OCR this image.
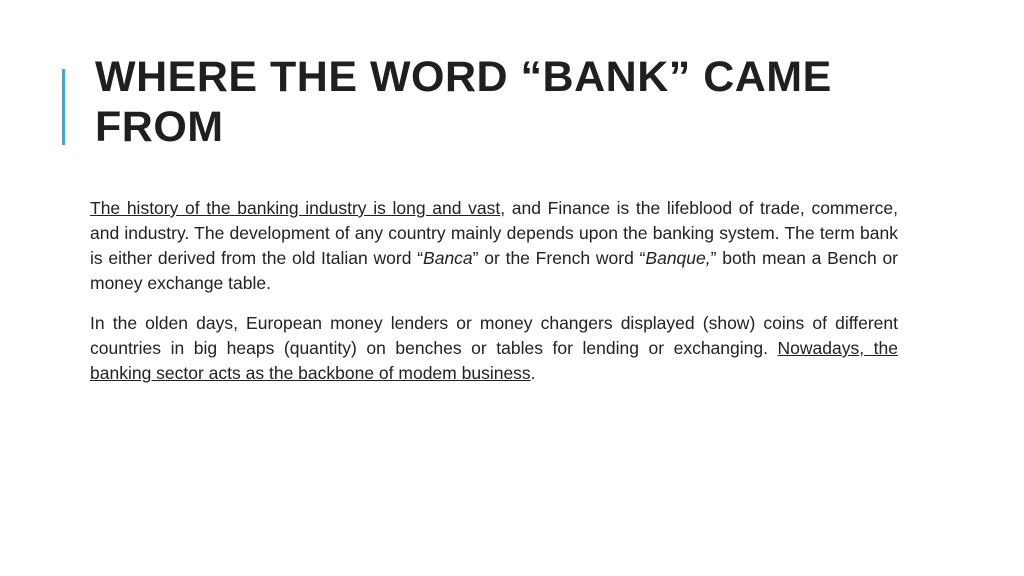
WHERE THE WORD “BANK” CAME FROM

The history of the banking industry is long and vast, and Finance is the lifeblood of trade, commerce, and industry. The development of any country mainly depends upon the banking system. The term bank is either derived from the old Italian word “Banca” or the French word “Banque,” both mean a Bench or money exchange table.

In the olden days, European money lenders or money changers displayed (show) coins of different countries in big heaps (quantity) on benches or tables for lending or exchanging. Nowadays, the banking sector acts as the backbone of modem business.
